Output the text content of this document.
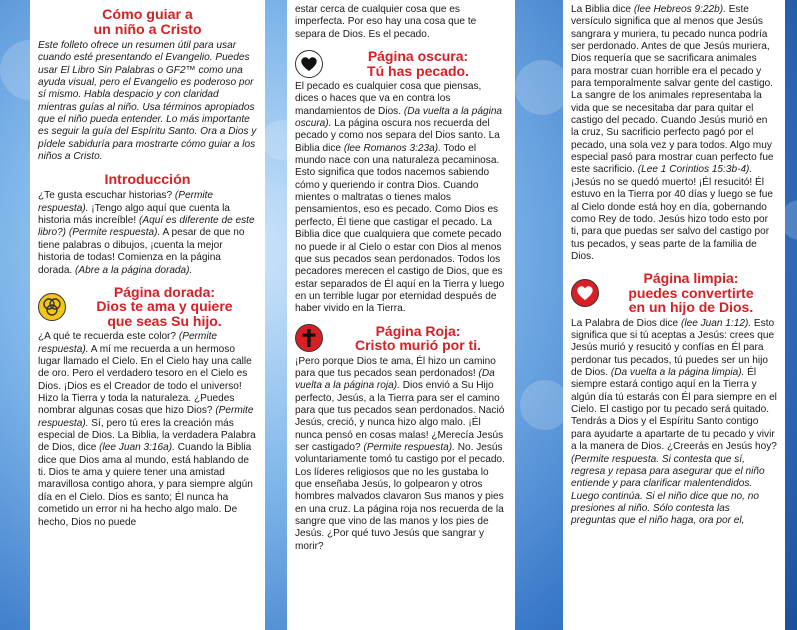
Cómo guiar a
un niño a Cristo

Este folleto ofrece un resumen útil para usar cuando esté presentando el Evangelio. Puedes usar El Libro Sin Palabras o GF2™ como una ayuda visual, pero el Evangelio es poderoso por sí mismo. Habla despacio y con claridad mientras guías al niño. Usa términos apropiados que el niño pueda entender. Lo más importante es seguir la guía del Espíritu Santo. Ora a Dios y pídele sabiduría para mostrarte cómo guiar a los niños a Cristo.

Introducción

¿Te gusta escuchar historias? (Permite respuesta). ¡Tengo algo aquí que cuenta la historia más increíble! (Aquí es diferente de este libro?) (Permite respuesta). A pesar de que no tiene palabras o dibujos, ¡cuenta la mejor historia de todas! Comienza en la página dorada. (Abre a la página dorada).

Página dorada:
Dios te ama y quiere
que seas Su hijo.

¿A qué te recuerda este color? (Permite respuesta). A mí me recuerda a un hermoso lugar llamado el Cielo. En el Cielo hay una calle de oro. Pero el verdadero tesoro en el Cielo es Dios. ¡Dios es el Creador de todo el universo! Hizo la Tierra y toda la naturaleza. ¿Puedes nombrar algunas cosas que hizo Dios? (Permite respuesta). Sí, pero tú eres la creación más especial de Dios. La Biblia, la verdadera Palabra de Dios, dice (lee Juan 3:16a). Cuando la Biblia dice que Dios ama al mundo, está hablando de ti. Dios te ama y quiere tener una amistad maravillosa contigo ahora, y para siempre algún día en el Cielo. Dios es santo; Él nunca ha cometido un error ni ha hecho algo malo. De hecho, Dios no puede

estar cerca de cualquier cosa que es imperfecta. Por eso hay una cosa que te separa de Dios. Es el pecado.

Página oscura:
Tú has pecado.

El pecado es cualquier cosa que piensas, dices o haces que va en contra los mandamientos de Dios. (Da vuelta a la página oscura). La página oscura nos recuerda del pecado y como nos separa del Dios santo. La Biblia dice (lee Romanos 3:23a). Todo el mundo nace con una naturaleza pecaminosa. Esto significa que todos nacemos sabiendo cómo y queriendo ir contra Dios. Cuando mientes o maltratas o tienes malos pensamientos, eso es pecado. Como Dios es perfecto, Él tiene que castigar el pecado. La Biblia dice que cualquiera que comete pecado no puede ir al Cielo o estar con Dios al menos que sus pecados sean perdonados. Todos los pecadores merecen el castigo de Dios, que es estar separados de Él aquí en la Tierra y luego en un terrible lugar por eternidad después de haber vivido en la Tierra.

Página Roja:
Cristo murió por ti.

¡Pero porque Dios te ama, Él hizo un camino para que tus pecados sean perdonados! (Da vuelta a la página roja). Dios envió a Su Hijo perfecto, Jesús, a la Tierra para ser el camino para que tus pecados sean perdonados. Nació Jesús, creció, y nunca hizo algo malo. ¡Él nunca pensó en cosas malas! ¿Merecía Jesús ser castigado? (Permite respuesta). No. Jesús voluntariamente tomó tu castigo por el pecado. Los líderes religiosos que no les gustaba lo que enseñaba Jesús, lo golpearon y otros hombres malvados clavaron Sus manos y pies en una cruz. La página roja nos recuerda de la sangre que vino de las manos y los pies de Jesús. ¿Por qué tuvo Jesús que sangrar y morir?

La Biblia dice (lee Hebreos 9:22b). Este versículo significa que al menos que Jesús sangrara y muriera, tu pecado nunca podría ser perdonado. Antes de que Jesús muriera, Dios requería que se sacrificara animales para mostrar cuan horrible era el pecado y para temporalmente salvar gente del castigo. La sangre de los animales representaba la vida que se necesitaba dar para quitar el castigo del pecado. Cuando Jesús murió en la cruz, Su sacrificio perfecto pagó por el pecado, una sola vez y para todos. Algo muy especial pasó para mostrar cuan perfecto fue este sacrificio. (Lee 1 Corintios 15:3b-4). ¡Jesús no se quedó muerto! ¡Él resucitó! Él estuvo en la Tierra por 40 días y luego se fue al Cielo donde está hoy en día, gobernando como Rey de todo. Jesús hizo todo esto por ti, para que puedas ser salvo del castigo por tus pecados, y seas parte de la familia de Dios.

Página limpia:
puedes convertirte
en un hijo de Dios.

La Palabra de Dios dice (lee Juan 1:12). Esto significa que si tú aceptas a Jesús: crees que Jesús murió y resucitó y confías en Él para perdonar tus pecados, tú puedes ser un hijo de Dios. (Da vuelta a la página limpia). Él siempre estará contigo aquí en la Tierra y algún día tú estarás con Él para siempre en el Cielo. El castigo por tu pecado será quitado. Tendrás a Dios y el Espíritu Santo contigo para ayudarte a apartarte de tu pecado y vivir a la manera de Dios. ¿Creerás en Jesús hoy? (Permite respuesta. Si contesta que sí, regresa y repasa para asegurar que el niño entiende y para clarificar malentendidos. Luego continúa. Si el niño dice que no, no presiones al niño. Sólo contesta las preguntas que el niño haga, ora por el,
